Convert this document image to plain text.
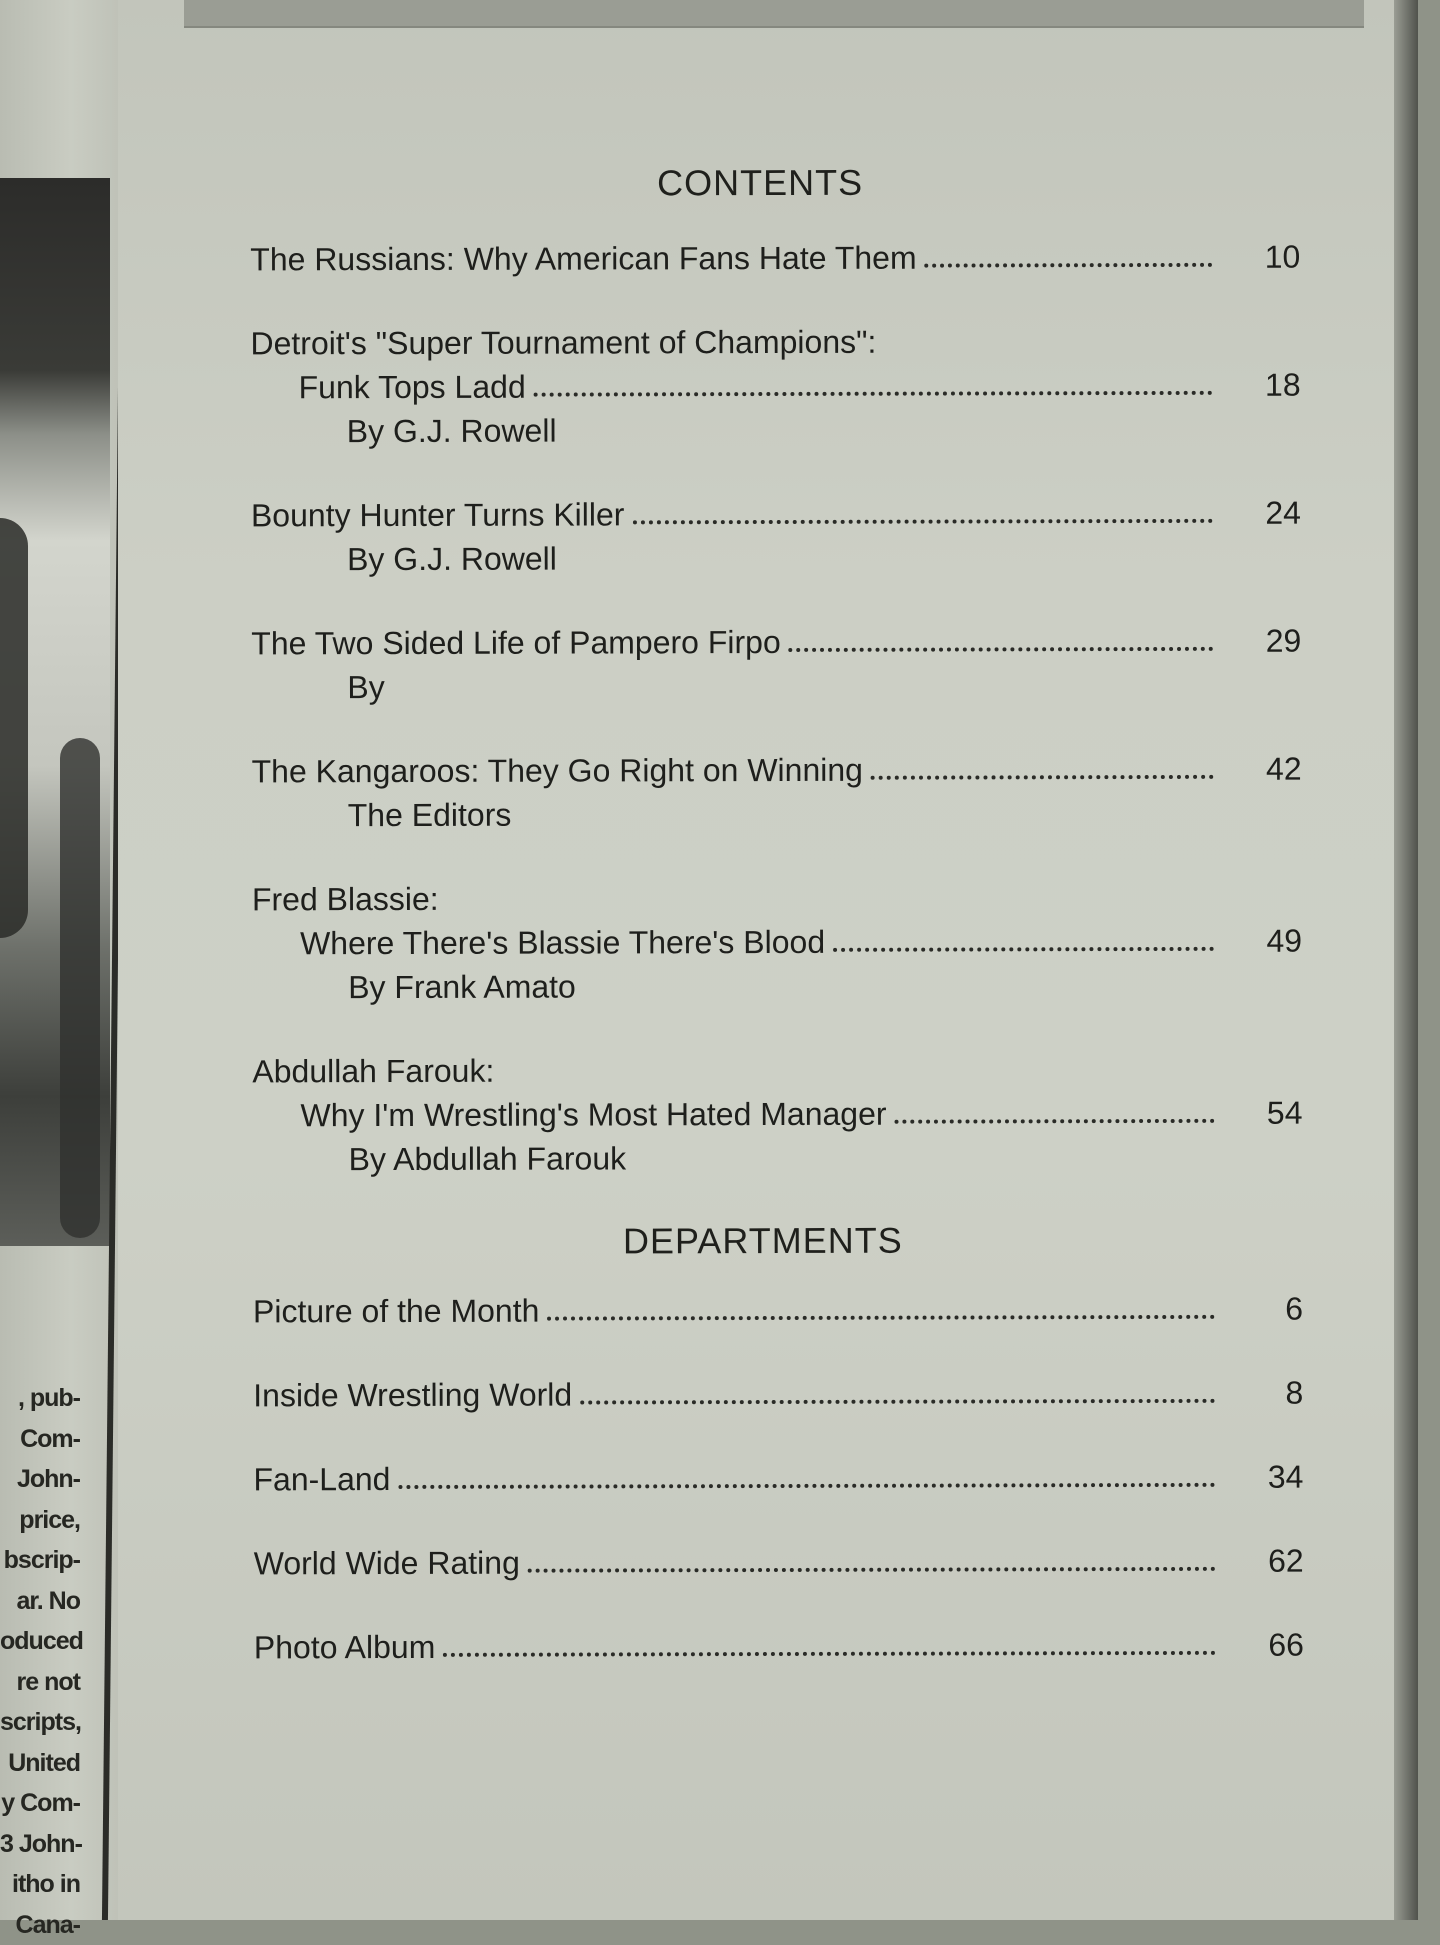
, pub-
Com-
John-
price,
bscrip-
ar. No
oduced
re not
scripts,
United
y Com-
3 John-
itho in
Cana-
CONTENTS
The Russians: Why American Fans Hate Them	10
Detroit's "Super Tournament of Champions":
Funk Tops Ladd	18
By G.J. Rowell
Bounty Hunter Turns Killer	24
By G.J. Rowell
The Two Sided Life of Pampero Firpo	29
By
The Kangaroos: They Go Right on Winning	42
The Editors
Fred Blassie:
Where There's Blassie There's Blood	49
By Frank Amato
Abdullah Farouk:
Why I'm Wrestling's Most Hated Manager	54
By Abdullah Farouk
DEPARTMENTS
Picture of the Month	6
Inside Wrestling World	8
Fan-Land	34
World Wide Rating	62
Photo Album	66
